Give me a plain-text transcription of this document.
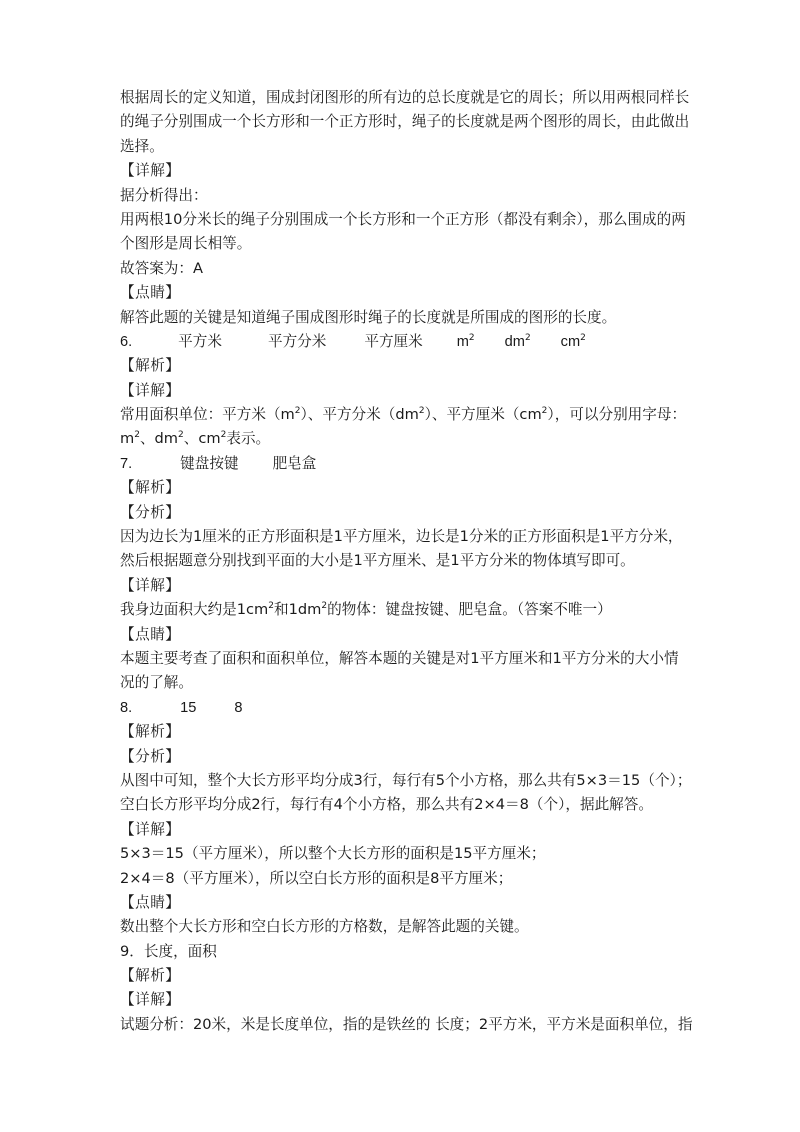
根据周长的定义知道，围成封闭图形的所有边的总长度就是它的周长；所以用两根同样长
的绳子分别围成一个长方形和一个正方形时，绳子的长度就是两个图形的周长，由此做出
选择。
【详解】
据分析得出：
用两根10分米长的绳子分别围成一个长方形和一个正方形（都没有剩余），那么围成的两
个图形是周长相等。
故答案为：A
【点睛】
解答此题的关键是知道绳子围成图形时绳子的长度就是所围成的图形的长度。
6.	平方米	平方分米	平方厘米 $m^2$ $dm^2$ $cm^2$
【解析】
【详解】
常用面积单位：平方米$(m^2)$、平方分米$(dm^2)$、平方厘米$(cm^2)$，可以分别用字母：
$m^2$、$dm^2$、$cm^2$表示。
7.	键盘按键 肥皂盒
【解析】
【分析】
因为边长为1厘米的正方形面积是1平方厘米，边长是1分米的正方形面积是1平方分米，
然后根据题意分别找到平面的大小是1平方厘米、是1平方分米的物体填写即可。
【详解】
我身边面积大约是$1cm^2$和$1dm^2$的物体：键盘按键、肥皂盒。（答案不唯一）
【点睛】
本题主要考查了面积和面积单位，解答本题的关键是对1平方厘米和1平方分米的大小情
况的了解。
8.	15	8
【解析】
【分析】
从图中可知，整个大长方形平均分成3行，每行有5个小方格，那么共有5×3＝15（个）；
空白长方形平均分成2行，每行有4个小方格，那么共有2×4＝8（个），据此解答。
【详解】
5×3＝15（平方厘米），所以整个大长方形的面积是15平方厘米；
2×4＝8（平方厘米），所以空白长方形的面积是8平方厘米；
【点睛】
数出整个大长方形和空白长方形的方格数，是解答此题的关键。
9．长度，面积
【解析】
【详解】
试题分析：20米，米是长度单位，指的是铁丝的 长度；2平方米，平方米是面积单位，指
